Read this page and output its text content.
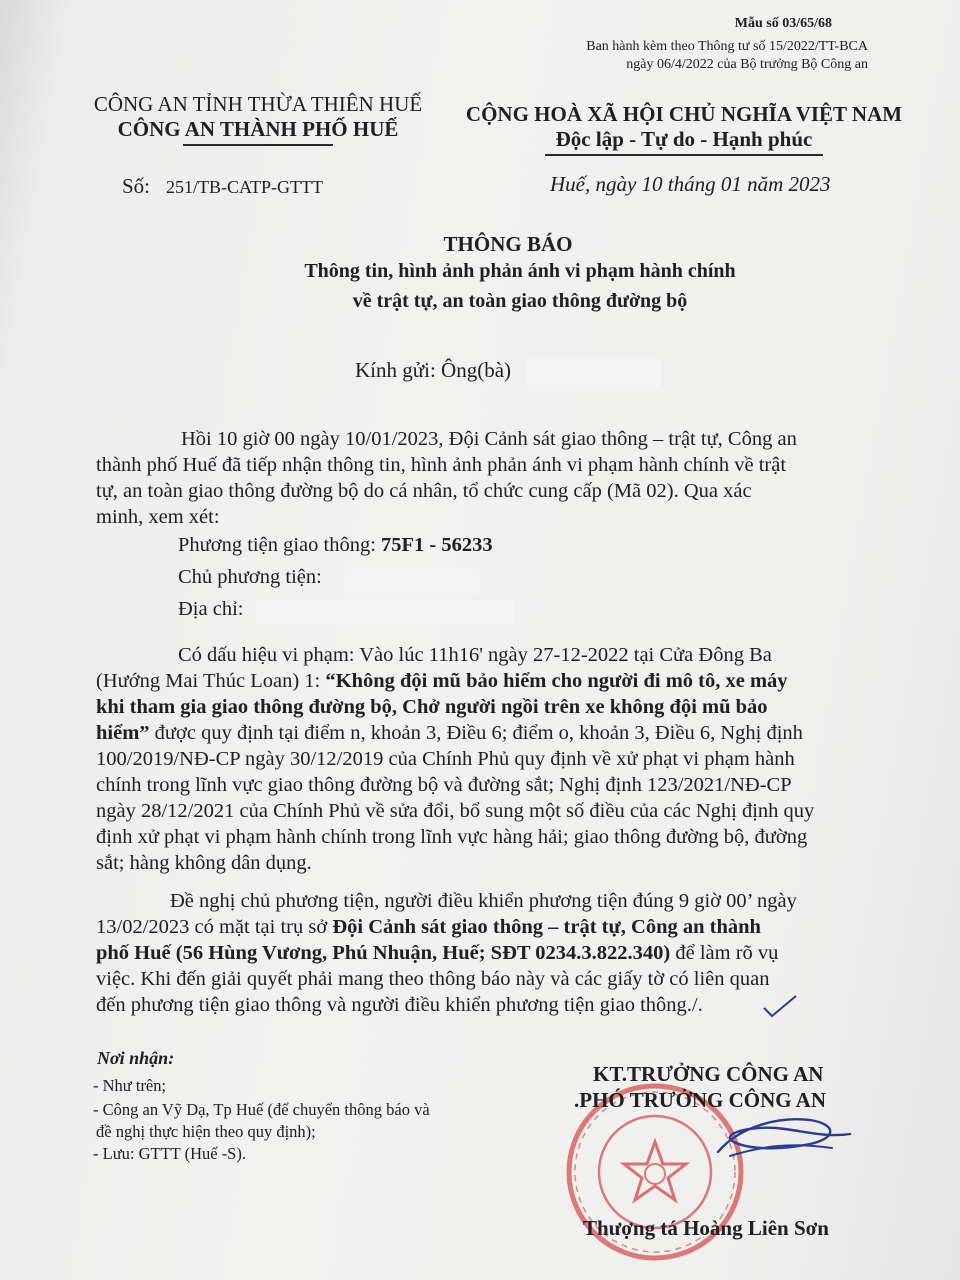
Mẫu số 03/65/68
Ban hành kèm theo Thông tư số 15/2022/TT-BCA
ngày 06/4/2022 của Bộ trưởng Bộ Công an
CÔNG AN TỈNH THỪA THIÊN HUẾ
CÔNG AN THÀNH PHỐ HUẾ
CỘNG HOÀ XÃ HỘI CHỦ NGHĨA VIỆT NAM
Độc lập - Tự do - Hạnh phúc
Số: 251/TB-CATP-GTTT	Huế, ngày 10 tháng 01 năm 2023
THÔNG BÁO
Thông tin, hình ảnh phản ánh vi phạm hành chính
về trật tự, an toàn giao thông đường bộ
Kính gửi: Ông(bà)
Hồi 10 giờ 00 ngày 10/01/2023, Đội Cảnh sát giao thông – trật tự, Công an
thành phố Huế đã tiếp nhận thông tin, hình ảnh phản ánh vi phạm hành chính về trật
tự, an toàn giao thông đường bộ do cá nhân, tổ chức cung cấp (Mã 02). Qua xác
minh, xem xét:
Phương tiện giao thông: 75F1 - 56233
Chủ phương tiện:
Địa chỉ:
Có dấu hiệu vi phạm: Vào lúc 11h16' ngày 27-12-2022 tại Cửa Đông Ba
(Hướng Mai Thúc Loan) 1: “Không đội mũ bảo hiểm cho người đi mô tô, xe máy
khi tham gia giao thông đường bộ, Chở người ngồi trên xe không đội mũ bảo
hiểm” được quy định tại điểm n, khoản 3, Điều 6; điểm o, khoản 3, Điều 6, Nghị định
100/2019/NĐ-CP ngày 30/12/2019 của Chính Phủ quy định về xử phạt vi phạm hành
chính trong lĩnh vực giao thông đường bộ và đường sắt; Nghị định 123/2021/NĐ-CP
ngày 28/12/2021 của Chính Phủ về sửa đổi, bổ sung một số điều của các Nghị định quy
định xử phạt vi phạm hành chính trong lĩnh vực hàng hải; giao thông đường bộ, đường
sắt; hàng không dân dụng.
Đề nghị chủ phương tiện, người điều khiển phương tiện đúng 9 giờ 00’ ngày
13/02/2023 có mặt tại trụ sở Đội Cảnh sát giao thông – trật tự, Công an thành
phố Huế (56 Hùng Vương, Phú Nhuận, Huế; SĐT 0234.3.822.340) để làm rõ vụ
việc. Khi đến giải quyết phải mang theo thông báo này và các giấy tờ có liên quan
đến phương tiện giao thông và người điều khiển phương tiện giao thông./.
Nơi nhận:
- Như trên;
- Công an Vỹ Dạ, Tp Huế (để chuyển thông báo và
đề nghị thực hiện theo quy định);
- Lưu: GTTT (Huế -S).
KT.TRƯỞNG CÔNG AN
.PHÓ TRƯỞNG CÔNG AN
Thượng tá Hoàng Liên Sơn
